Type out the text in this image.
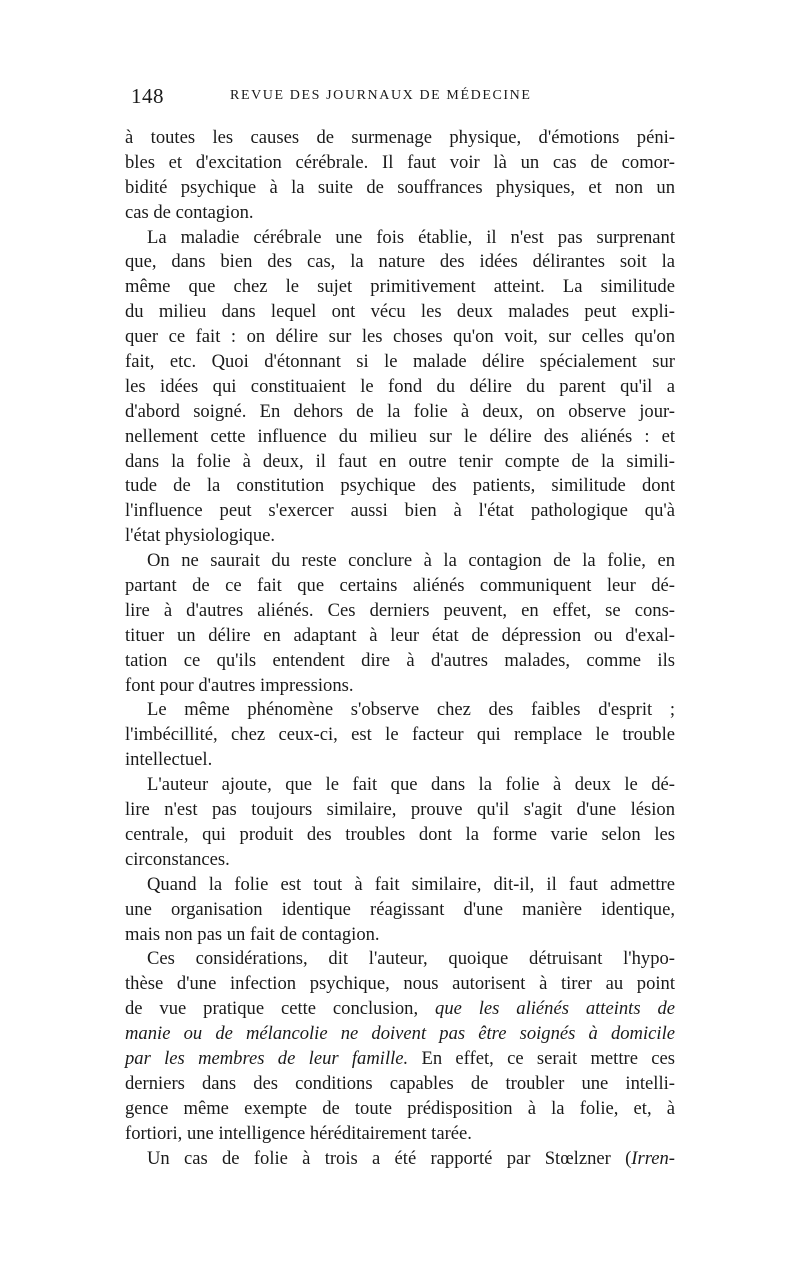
148	REVUE DES JOURNAUX DE MÉDECINE
à toutes les causes de surmenage physique, d'émotions péni-
bles et d'excitation cérébrale. Il faut voir là un cas de comor-
bidité psychique à la suite de souffrances physiques, et non un
cas de contagion.
La maladie cérébrale une fois établie, il n'est pas surprenant
que, dans bien des cas, la nature des idées délirantes soit la
même que chez le sujet primitivement atteint. La similitude
du milieu dans lequel ont vécu les deux malades peut expli-
quer ce fait : on délire sur les choses qu'on voit, sur celles qu'on
fait, etc. Quoi d'étonnant si le malade délire spécialement sur
les idées qui constituaient le fond du délire du parent qu'il a
d'abord soigné. En dehors de la folie à deux, on observe jour-
nellement cette influence du milieu sur le délire des aliénés : et
dans la folie à deux, il faut en outre tenir compte de la simili-
tude de la constitution psychique des patients, similitude dont
l'influence peut s'exercer aussi bien à l'état pathologique qu'à
l'état physiologique.
On ne saurait du reste conclure à la contagion de la folie, en
partant de ce fait que certains aliénés communiquent leur dé-
lire à d'autres aliénés. Ces derniers peuvent, en effet, se cons-
tituer un délire en adaptant à leur état de dépression ou d'exal-
tation ce qu'ils entendent dire à d'autres malades, comme ils
font pour d'autres impressions.
Le même phénomène s'observe chez des faibles d'esprit ;
l'imbécillité, chez ceux-ci, est le facteur qui remplace le trouble
intellectuel.
L'auteur ajoute, que le fait que dans la folie à deux le dé-
lire n'est pas toujours similaire, prouve qu'il s'agit d'une lésion
centrale, qui produit des troubles dont la forme varie selon les
circonstances.
Quand la folie est tout à fait similaire, dit-il, il faut admettre
une organisation identique réagissant d'une manière identique,
mais non pas un fait de contagion.
Ces considérations, dit l'auteur, quoique détruisant l'hypo-
thèse d'une infection psychique, nous autorisent à tirer au point
de vue pratique cette conclusion, que les aliénés atteints de
manie ou de mélancolie ne doivent pas être soignés à domicile
par les membres de leur famille. En effet, ce serait mettre ces
derniers dans des conditions capables de troubler une intelli-
gence même exempte de toute prédisposition à la folie, et, à
fortiori, une intelligence héréditairement tarée.
Un cas de folie à trois a été rapporté par Stœlzner (Irren-
